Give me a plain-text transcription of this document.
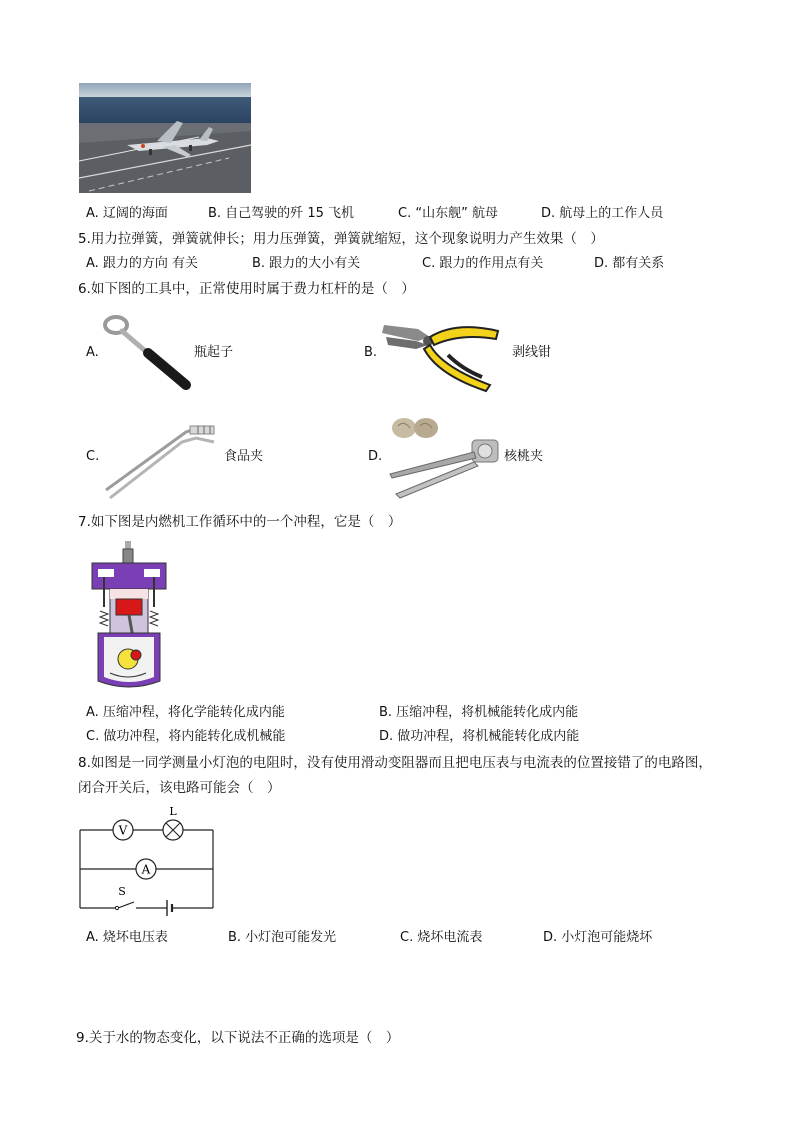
A. 辽阔的海面	B. 自己驾驶的歼 15 飞机	C. “山东舰” 航母	D. 航母上的工作人员
5.用力拉弹簧，弹簧就伸长；用力压弹簧，弹簧就缩短，这个现象说明力产生效果（　）
A. 跟力的方向 有关	B. 跟力的大小有关	C. 跟力的作用点有关	D. 都有关系
6.如下图的工具中，正常使用时属于费力杠杆的是（　）
A.	瓶起子	B.	剥线钳
C.	食品夹	D.	核桃夹
7.如下图是内燃机工作循环中的一个冲程，它是（　）
A. 压缩冲程，将化学能转化成内能	B. 压缩冲程，将机械能转化成内能
C. 做功冲程，将内能转化成机械能	D. 做功冲程，将机械能转化成内能
8.如图是一同学测量小灯泡的电阻时，没有使用滑动变阻器而且把电压表与电流表的位置接错了的电路图，
闭合开关后，该电路可能会（　）
V
L
A
S
A. 烧坏电压表	B. 小灯泡可能发光	C. 烧坏电流表	D. 小灯泡可能烧坏
9.关于水的物态变化，以下说法不正确的选项是（　）
